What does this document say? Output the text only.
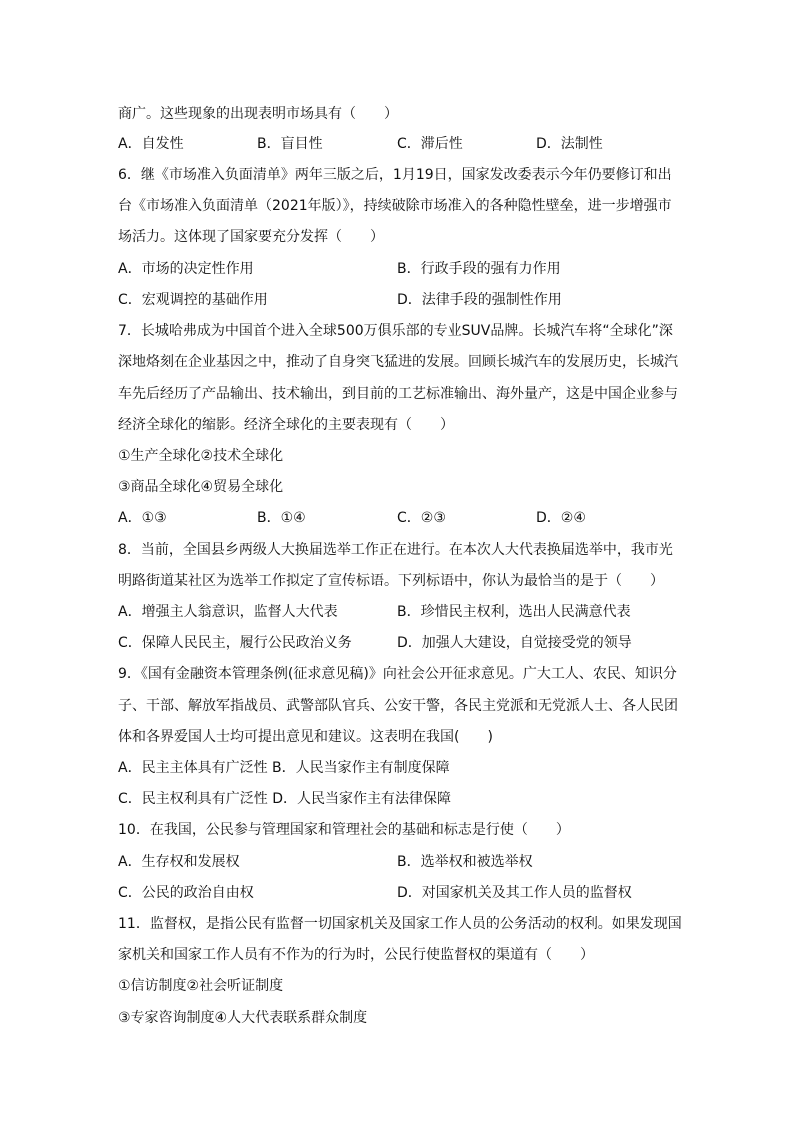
商广。这些现象的出现表明市场具有（　　）
A．自发性	B．盲目性	C．滞后性	D．法制性
6．继《市场准入负面清单》两年三版之后，1月19日，国家发改委表示今年仍要修订和出
台《市场准入负面清单（2021年版）》，持续破除市场准入的各种隐性壁垒，进一步增强市
场活力。这体现了国家要充分发挥（　　）
A．市场的决定性作用	B．行政手段的强有力作用
C．宏观调控的基础作用	D．法律手段的强制性作用
7．长城哈弗成为中国首个进入全球500万俱乐部的专业SUV品牌。长城汽车将“全球化”深
深地烙刻在企业基因之中，推动了自身突飞猛进的发展。回顾长城汽车的发展历史，长城汽
车先后经历了产品输出、技术输出，到目前的工艺标准输出、海外量产，这是中国企业参与
经济全球化的缩影。经济全球化的主要表现有（　　）
①生产全球化②技术全球化
③商品全球化④贸易全球化
A．①③	B．①④	C．②③	D．②④
8．当前，全国县乡两级人大换届选举工作正在进行。在本次人大代表换届选举中，我市光
明路街道某社区为选举工作拟定了宣传标语。下列标语中，你认为最恰当的是于（　　）
A．增强主人翁意识，监督人大代表	B．珍惜民主权利，选出人民满意代表
C．保障人民民主，履行公民政治义务	D．加强人大建设，自觉接受党的领导
9．《国有金融资本管理条例(征求意见稿)》向社会公开征求意见。广大工人、农民、知识分
子、干部、解放军指战员、武警部队官兵、公安干警，各民主党派和无党派人士、各人民团
体和各界爱国人士均可提出意见和建议。这表明在我国(　　)
A．民主主体具有广泛性 B．人民当家作主有制度保障
C．民主权利具有广泛性 D．人民当家作主有法律保障
10．在我国，公民参与管理国家和管理社会的基础和标志是行使（　　）
A．生存权和发展权	B．选举权和被选举权
C．公民的政治自由权	D．对国家机关及其工作人员的监督权
11．监督权，是指公民有监督一切国家机关及国家工作人员的公务活动的权利。如果发现国
家机关和国家工作人员有不作为的行为时，公民行使监督权的渠道有（　　）
①信访制度②社会听证制度
③专家咨询制度④人大代表联系群众制度
